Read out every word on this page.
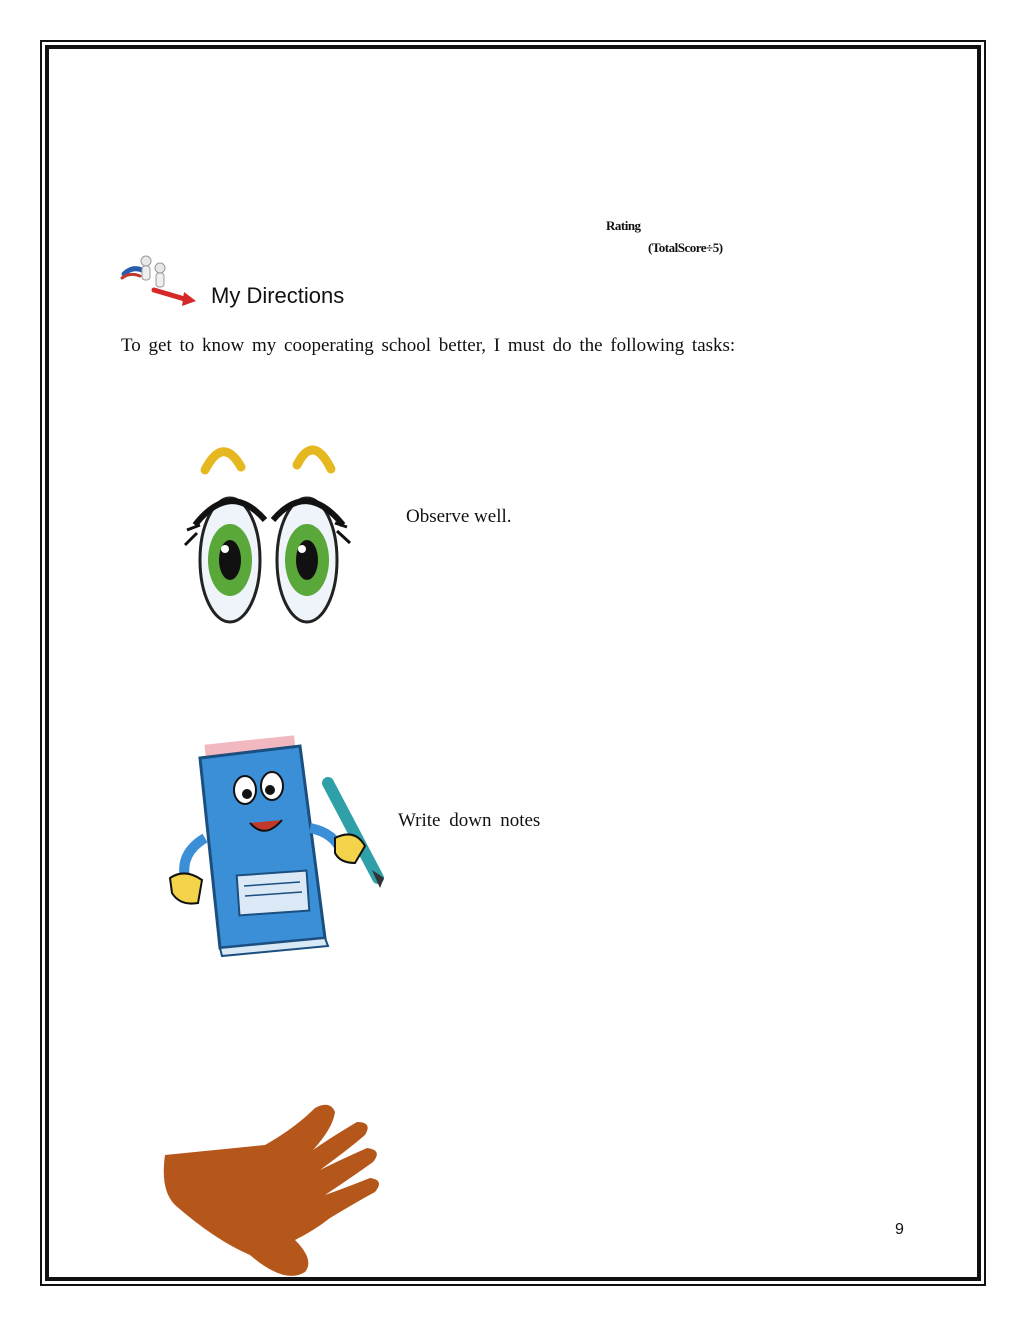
Rating
(TotalScore÷5)
My Directions
To get to know my cooperating school better, I must do the following tasks:
Observe well.
Write down notes
9
